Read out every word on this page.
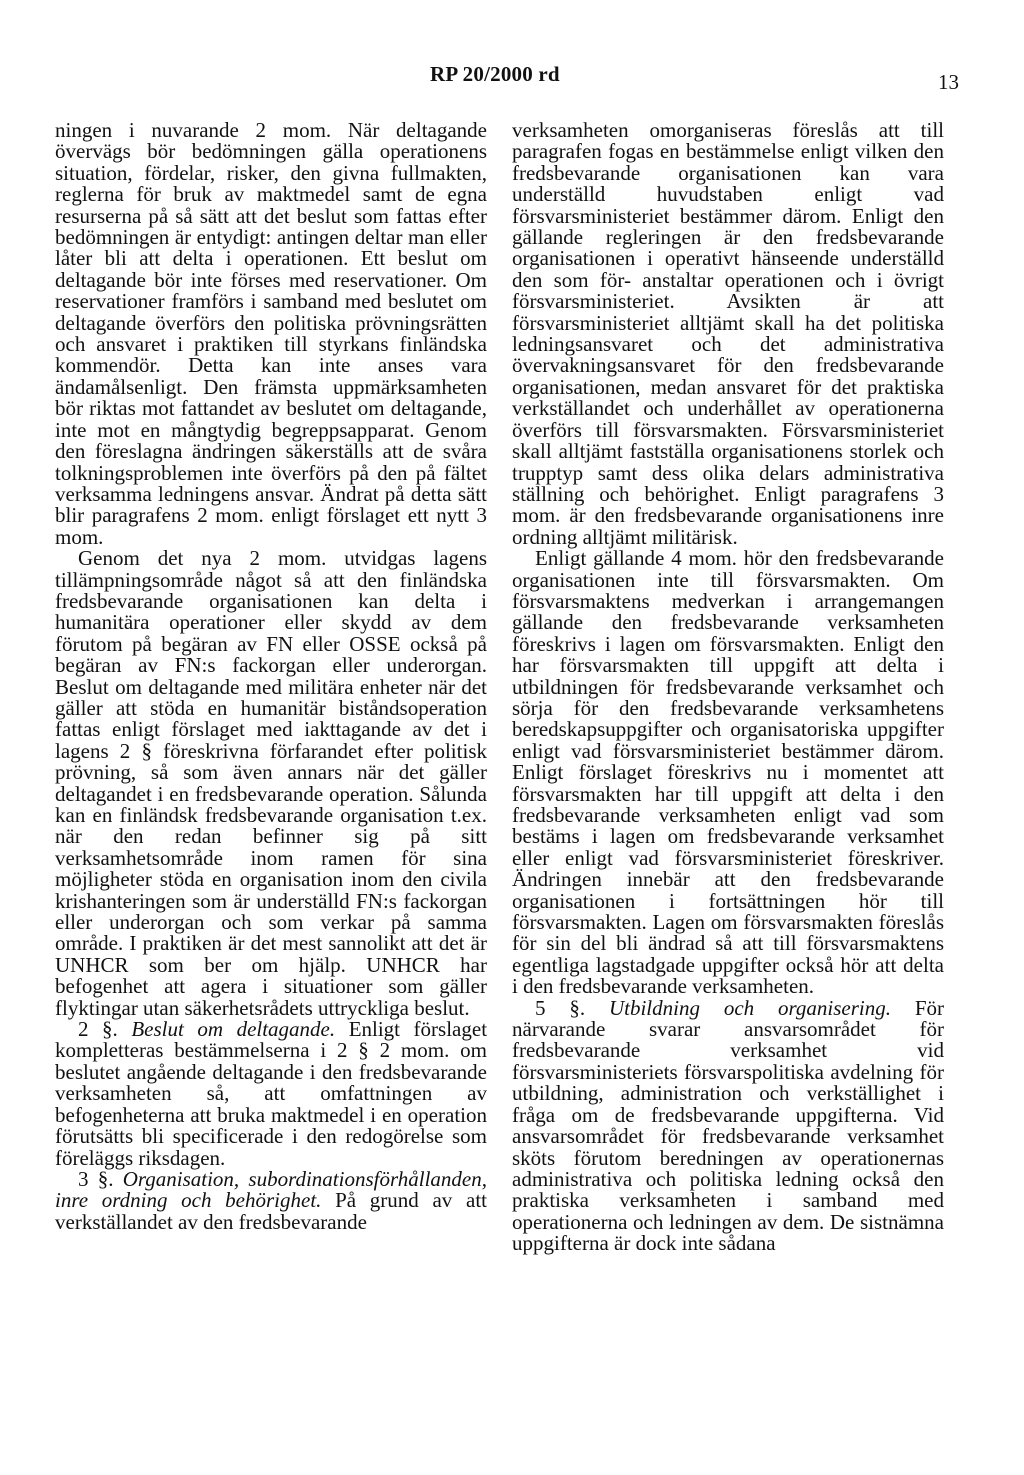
RP 20/2000 rd	13

ningen i nuvarande 2 mom. När deltagande övervägs bör bedömningen gälla operationens situation, fördelar, risker, den givna fullmakten, reglerna för bruk av maktmedel samt de egna resurserna på så sätt att det beslut som fattas efter bedömningen är entydigt: antingen deltar man eller låter bli att delta i operationen. Ett beslut om deltagande bör inte förses med reservationer. Om reservationer framförs i samband med beslutet om deltagande överförs den politiska prövningsrätten och ansvaret i praktiken till styrkans finländska kommendör. Detta kan inte anses vara ändamålsenligt. Den främsta uppmärksamheten bör riktas mot fattandet av beslutet om deltagande, inte mot en mångtydig begreppsapparat. Genom den föreslagna ändringen säkerställs att de svåra tolkningsproblemen inte överförs på den på fältet verksamma ledningens ansvar. Ändrat på detta sätt blir paragrafens 2 mom. enligt förslaget ett nytt 3 mom.

Genom det nya 2 mom. utvidgas lagens tillämpningsområde något så att den finländska fredsbevarande organisationen kan delta i humanitära operationer eller skydd av dem förutom på begäran av FN eller OSSE också på begäran av FN:s fackorgan eller underorgan. Beslut om deltagande med militära enheter när det gäller att stöda en humanitär biståndsoperation fattas enligt förslaget med iakttagande av det i lagens 2 § föreskrivna förfarandet efter politisk prövning, så som även annars när det gäller deltagandet i en fredsbevarande operation. Sålunda kan en finländsk fredsbevarande organisation t.ex. när den redan befinner sig på sitt verksamhetsområde inom ramen för sina möjligheter stöda en organisation inom den civila krishanteringen som är underställd FN:s fackorgan eller underorgan och som verkar på samma område. I praktiken är det mest sannolikt att det är UNHCR som ber om hjälp. UNHCR har befogenhet att agera i situationer som gäller flyktingar utan säkerhetsrådets uttryckliga beslut.

2 §. Beslut om deltagande. Enligt förslaget kompletteras bestämmelserna i 2 § 2 mom. om beslutet angående deltagande i den fredsbevarande verksamheten så, att omfattningen av befogenheterna att bruka maktmedel i en operation förutsätts bli specificerade i den redogörelse som föreläggs riksdagen.

3 §. Organisation, subordinationsförhållanden, inre ordning och behörighet. På grund av att verkställandet av den fredsbevarande

verksamheten omorganiseras föreslås att till paragrafen fogas en bestämmelse enligt vilken den fredsbevarande organisationen kan vara underställd huvudstaben enligt vad försvarsministeriet bestämmer därom. Enligt den gällande regleringen är den fredsbevarande organisationen i operativt hänseende underställd den som för- anstaltar operationen och i övrigt försvarsministeriet. Avsikten är att försvarsministeriet alltjämt skall ha det politiska ledningsansvaret och det administrativa övervakningsansvaret för den fredsbevarande organisationen, medan ansvaret för det praktiska verkställandet och underhållet av operationerna överförs till försvarsmakten. Försvarsministeriet skall alltjämt fastställa organisationens storlek och trupptyp samt dess olika delars administrativa ställning och behörighet. Enligt paragrafens 3 mom. är den fredsbevarande organisationens inre ordning alltjämt militärisk.

Enligt gällande 4 mom. hör den fredsbevarande organisationen inte till försvarsmakten. Om försvarsmaktens medverkan i arrangemangen gällande den fredsbevarande verksamheten föreskrivs i lagen om försvarsmakten. Enligt den har försvarsmakten till uppgift att delta i utbildningen för fredsbevarande verksamhet och sörja för den fredsbevarande verksamhetens beredskapsuppgifter och organisatoriska uppgifter enligt vad försvarsministeriet bestämmer därom. Enligt förslaget föreskrivs nu i momentet att försvarsmakten har till uppgift att delta i den fredsbevarande verksamheten enligt vad som bestäms i lagen om fredsbevarande verksamhet eller enligt vad försvarsministeriet föreskriver. Ändringen innebär att den fredsbevarande organisationen i fortsättningen hör till försvarsmakten. Lagen om försvarsmakten föreslås för sin del bli ändrad så att till försvarsmaktens egentliga lagstadgade uppgifter också hör att delta i den fredsbevarande verksamheten.

5 §. Utbildning och organisering. För närvarande svarar ansvarsområdet för fredsbevarande verksamhet vid försvarsministeriets försvarspolitiska avdelning för utbildning, administration och verkställighet i fråga om de fredsbevarande uppgifterna. Vid ansvarsområdet för fredsbevarande verksamhet sköts förutom beredningen av operationernas administrativa och politiska ledning också den praktiska verksamheten i samband med operationerna och ledningen av dem. De sistnämna uppgifterna är dock inte sådana
